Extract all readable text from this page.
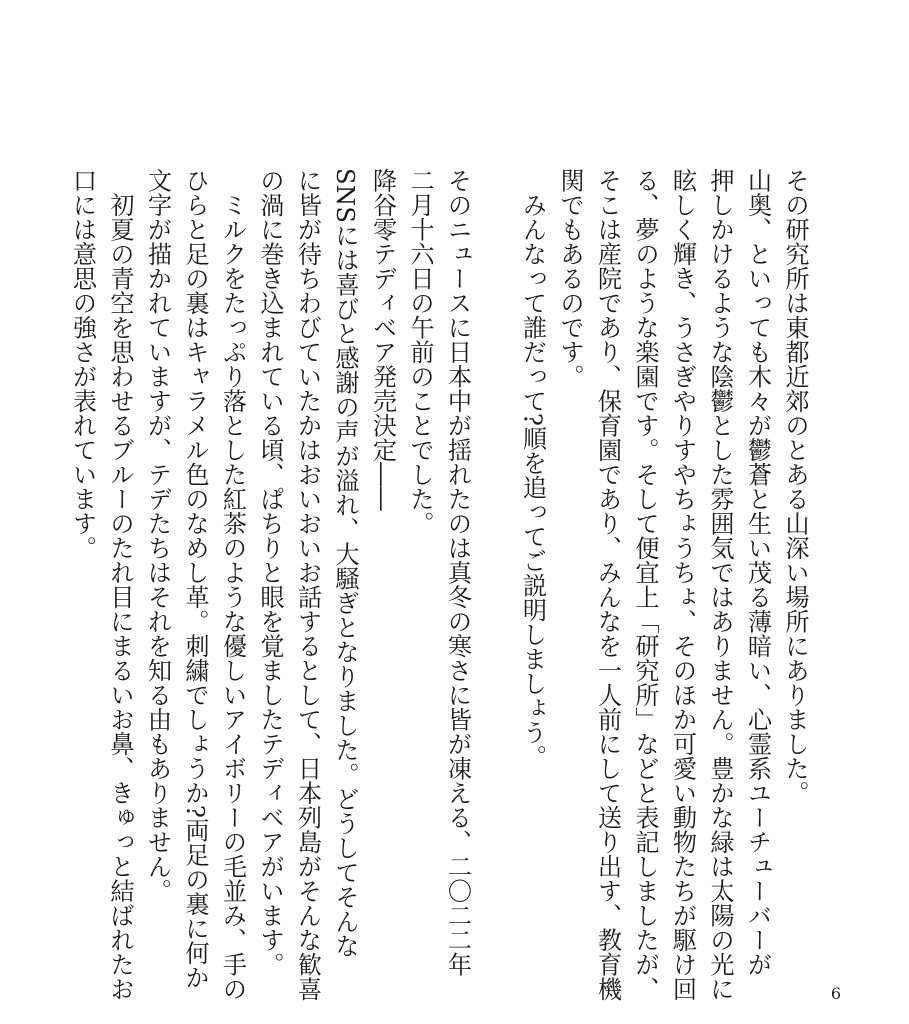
その研究所は東都近郊のとある山深い場所にありました。
山奥、といっても木々が鬱蒼と生い茂る薄暗い、心霊系ユーチューバーが
押しかけるような陰鬱とした雰囲気ではありません。豊かな緑は太陽の光に
眩しく輝き、うさぎやりすやちょうちょ、そのほか可愛い動物たちが駆け回
る、夢のような楽園です。そして便宜上「研究所」などと表記しましたが、
そこは産院であり、保育園であり、みんなを一人前にして送り出す、教育機
関でもあるのです。
　みんなって誰だって?順を追ってご説明しましょう。
そのニュースに日本中が揺れたのは真冬の寒さに皆が凍える、二〇二二年
二月十六日の午前のことでした。
降谷零テディベア発売決定――
SNSには喜びと感謝の声が溢れ、大騒ぎとなりました。どうしてそんな
に皆が待ちわびていたかはおいおいお話するとして、日本列島がそんな歓喜
の渦に巻き込まれている頃、ぱちりと眼を覚ましたテディベアがいます。
　ミルクをたっぷり落とした紅茶のような優しいアイボリーの毛並み、手の
ひらと足の裏はキャラメル色のなめし革。刺繍でしょうか?両足の裏に何か
文字が描かれていますが、テデたちはそれを知る由もありません。
　初夏の青空を思わせるブルーのたれ目にまるいお鼻、きゅっと結ばれたお
口には意思の強さが表れています。
6
